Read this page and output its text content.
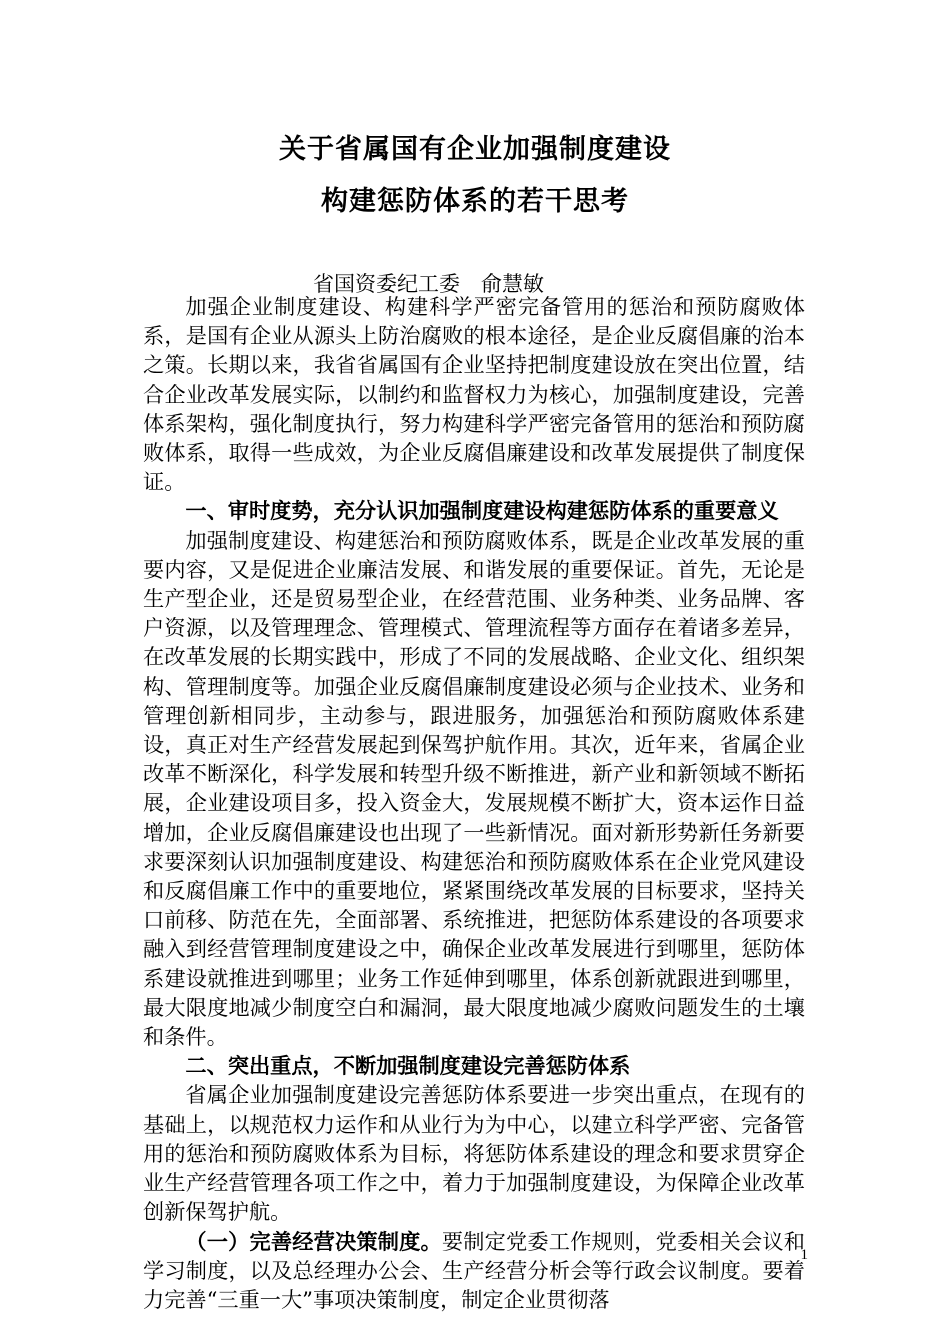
关于省属国有企业加强制度建设
构建惩防体系的若干思考
省国资委纪工委　俞慧敏

加强企业制度建设、构建科学严密完备管用的惩治和预防腐败体系，是国有企业从源头上防治腐败的根本途径，是企业反腐倡廉的治本之策。长期以来，我省省属国有企业坚持把制度建设放在突出位置，结合企业改革发展实际，以制约和监督权力为核心，加强制度建设，完善体系架构，强化制度执行，努力构建科学严密完备管用的惩治和预防腐败体系，取得一些成效，为企业反腐倡廉建设和改革发展提供了制度保证。

一、审时度势，充分认识加强制度建设构建惩防体系的重要意义

加强制度建设、构建惩治和预防腐败体系，既是企业改革发展的重要内容，又是促进企业廉洁发展、和谐发展的重要保证。首先，无论是生产型企业，还是贸易型企业，在经营范围、业务种类、业务品牌、客户资源，以及管理理念、管理模式、管理流程等方面存在着诸多差异，在改革发展的长期实践中，形成了不同的发展战略、企业文化、组织架构、管理制度等。加强企业反腐倡廉制度建设必须与企业技术、业务和管理创新相同步，主动参与，跟进服务，加强惩治和预防腐败体系建设，真正对生产经营发展起到保驾护航作用。其次，近年来，省属企业改革不断深化，科学发展和转型升级不断推进，新产业和新领域不断拓展，企业建设项目多，投入资金大，发展规模不断扩大，资本运作日益增加，企业反腐倡廉建设也出现了一些新情况。面对新形势新任务新要求要深刻认识加强制度建设、构建惩治和预防腐败体系在企业党风建设和反腐倡廉工作中的重要地位，紧紧围绕改革发展的目标要求，坚持关口前移、防范在先，全面部署、系统推进，把惩防体系建设的各项要求融入到经营管理制度建设之中，确保企业改革发展进行到哪里，惩防体系建设就推进到哪里；业务工作延伸到哪里，体系创新就跟进到哪里，最大限度地减少制度空白和漏洞，最大限度地减少腐败问题发生的土壤和条件。

二、突出重点，不断加强制度建设完善惩防体系

省属企业加强制度建设完善惩防体系要进一步突出重点，在现有的基础上，以规范权力运作和从业行为为中心，以建立科学严密、完备管用的惩治和预防腐败体系为目标，将惩防体系建设的理念和要求贯穿企业生产经营管理各项工作之中，着力于加强制度建设，为保障企业改革创新保驾护航。

（一）完善经营决策制度。要制定党委工作规则，党委相关会议和学习制度，以及总经理办公会、生产经营分析会等行政会议制度。要着力完善“三重一大”事项决策制度，制定企业贯彻落

1
